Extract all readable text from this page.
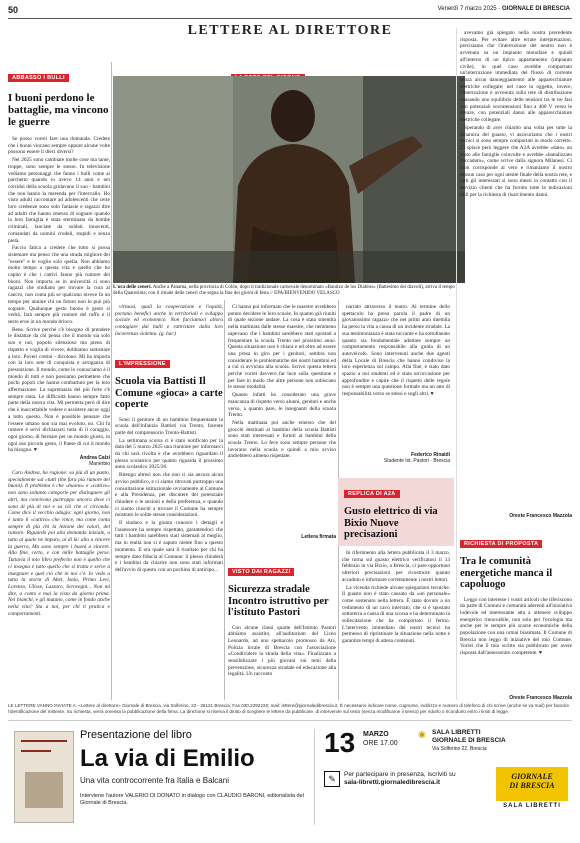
50	Venerdì 7 marzo 2025 · GIORNALE DI BRESCIA
LETTERE AL DIRETTORE
ABBASSO I BULLI
I buoni perdono le battaglie, ma vincono le guerre

Se posso vorrei fare una domanda. Credete che i buoni vincano sempre oppure alcune volte possono essere il dieci diversi?

Nel 2025 sono cambiate molte cose ma tante, troppe, sono sempre le stesse. In televisione vediamo personaggi che fanno i bulli come al parchetto quando io avevo 14 anni e nei corridoi della scuola gridavano il suo - bambini che non hanno la merenda per l'intervallo. Ho visto adulti raccontare ad adolescenti che certe loro credenze sono solo fantasie e ragazzi dire ad adulti che hanno smesso di sognare quando la loro famiglia è stata sterminata da bombe criminali, lanciate da soldati innocenti, comandati da uomini crudeli, stupidi e senza pietà.

Faccio fatica a credere che tutto si possa sistemare ma penso che una strada migliore dei "essere" e le voglio solo quella. Non abbiamo molto tempo a questa vita e quello che ho capito è che i cattivi fanno più rumore dei buoni. Non importa se in università ci sono ragazzi che studiano per trovare la cura al cancro, non conta più se qualcuno invece fa un tempo per aiutare chi un futuro non lo può più sognare. Qualunque gesto buono è gesto si vedrà, farà sempre più rumore del tuffo e il sesto eroe in un mondo brioco.

Bene. Scrive perché c'è bisogno di prendere le distanze da chi pensa che il mondo sia solo suo e noi, popolo silenzioso ma pieno di rispetto e voglia di vivere, dobbiamo sottostare a loro. Poveri cretini - dicolono. Mi ha importa con la loro sete di conquista e arroganza di presunzione. Il mondo, come lo conosciamo è il mondo di tutti e non possiamo permettere che pochi popoli che hanno combattuto per la loro affermazione. La supremazia del più forte c'è sempre stata. Le difficoltà hanno sempre fatto parte della nostra vita. Mi permetta però di dire che è inaccettabile vedere e assistere ancor oggi a tutto questo. Non è possibile pensare che l'essere umano non sia mai evoluto, no. Chi fa rumore è servi dichiararsi tutta di il coraggio, ogni giorno, di fermare per un mondo giusto, in ogni suo piccolo gesto, il Paese di cui il mondo ha bisogno. ♥

Andrea Calzi
Manerbio

Caro Andrea, ha ragione: su più di un punto, specialmente sul «tutti (the fara più rumore dei buoni). Il problema è che «buono» e «cattivo» non sono soltanto categorie per distinguere gli altri, ma convivono purtroppo ancora dove ci sono di più di noi e su ciò che ci circonda. Come dice il vecchio adagio: ogni giorno, non è tanto il «cattivo» che vince, ma come conta sempre di più chi la lezione dei valori, del rumore. Riguardo poi alla domanda iniziale, a tutto al quale ne imparo, al di là: alla a vincere la guerra, Ma sono sempre i buoni a vincere. Alla fine, certo, e con mille battaglie perse. Tuttavia il mio libro preferito non è quello che ci insegna è tutto quello che si tratta e serve a insegnare e quel ciò che in noi c'è. Io vedo a tutta la storia di Abel, Isaia, Primo Levi, Lorenzo, Ulisse, Lazzaro, Scrovegni... Non mi dite, a conto e mai la vista da giorno prima. Nei bianchi, e gli mutano, come in fondo anche nella vita? Sta a noi, per chi ti pratica e comportamenti.

L'ora delle ceneri. Anche a Panama, nella provincia di Colón, dopo il tradizionale carnevale denominato «Bautizo de los Diablos» (Battesimo dei diavoli), arriva il tempo della Quaresima, con il rituale delle ceneri che segna la fine dei giorni di festa // EPA/BIENVENIDO VELASCO

virtuosi, quali la cooperazione e l'equità, portano benefici anche in territoriali e sviluppo sociale ed economico. Non facciamoci allora contagiare dai bulli e rattristare dalla loro incoerenza violenta. (g. bar.)

L'IMPRESSIONE
Scuola via Battisti Il Comune «gioca» a carte coperte

Sono il genitore di un bambino frequentante la scuola dell'infanzia Battisti via Trento, facente parte del comprensorio Trento-Battisti.

La settimana scorsa ci è stato notificato per la data del 5 marzo 2025 una riunione per informarci da chi sarà rivolta e che avrebbero riguardato il plesso scolastico per quanto riguarda il prossimo anno scolastico 2025/26.

Ritengo altresì non che non ci sia ancora alcun avviso pubblico, e ci siamo ritrovati purtroppo una consultazione istituzionale ovviamente al Comune e alla Presidenza, per discutere del potenziale chiudere o le sezioni e della preferenza, e quando ci siamo riusciti a trovare il Comune ha sempre mostrato le solite stesse considerazioni.

Il sindaco e la giunta conosce i dettagli e l'assessore ha sempre rispettato, garantendoci che tutti i bambini sarebbero stati sistemati al meglio, ma in realtà non si è saputo niente fino a questo momento. E ora quale sarà il risultato per chi ha sempre dato fiducia al Comune: il plesso chiuderà e i bambini da chiarire non sono stati informati dell'avvio di questo con un pochino di anticipo...

Ci hanno poi informato che le maestre avrebbero potuto decidere le loro scuole. In quanto già riuniti di quale sezione andare. La cosa è stata smentita nella mattinata dalle stesse maestre, che nemmeno sapevano che i bambini sarebbero stati spostati a frequentare la scuola Trento nel prossimo anno. Questa situazione non è chiara e ed oltre ad essere una presa in giro per i genitori, sembra non considerare le problematiche dei nostri bambini ed a cui si avvicina alla scuola. Scrivo questa lettera perché vorrei davvero far luce sulla questione e per fare in modo che altre persone non subiscano le stesse modalità.

Quanto infatti ho considerato una grave mancanza di rispetto verso alunni, genitori e anche verso, a quanto pare, le insegnanti della scuola Trento.

Nella mattinata poi anche emerso che del giocchi destinati ai bambini della scuola Battisti sono stati interessati e forniti ai bambini della scuola Trento. Lo fece sono sempre persone che lavorano nella scuola e quindi a mio avviso andrebbero almeno rispettate.

Lettera firmata
VISTO DAI RAGAZZI
Sicurezza stradale Incontro istruttivo per l'istituto Pastori

Con alcune classi quarte dell'Istituto Pastori abbiamo assistito, all'auditorium del Liceo Leonardo, ad uno spettacolo promosso da Ats, Polizia locale di Brescia con l'associazione «Condividere la strada della vita». Finalizzato a sensibilizzare i più giovani sui temi della prevenzione, sicurezza stradale ed educazione alla legalità. Un racconto

narrato attraverso il teatro. Al termine dello spettacolo ha preso parola il padre di un giovanissimo ragazzo che nei primi anni duemila ha perso la vita a causa di un incidente stradale. La sua testimonianza è stata toccante e ha sottolineato quanto sia fondamentale adottare sempre un comportamento responsabile alla guida di un autoveicolo. Sono intervenuti anche due agenti della Locale di Brescia che hanno condiviso la loro esperienza sul campo. Alla fine, è stato dato spazio a noi studenti ed è stata un'occasione per approfondire e capire che il rispetto delle regole non è sempre una questione formale ma un atto di responsabilità verso se stessi e sugli altri. ♥

Federico Rinaldi
Studente Ist. Pastori · Brescia
REPLICA DI A2A
Gusto elettrico di via Bixio Nuove precisazioni

In riferimento alla lettera pubblicata il 3 marzo, che torna sul guasto elettrico verificatosi il 13 febbraio in via Bixio, a Brescia, ci pare opportuno ulteriori precisazioni per ricostruire quanto accaduto e informare correttamente i nostri lettori.

La vicenda richiede alcune spiegazioni tecniche. Il guasto non è stato causato da «un personale» come sostenuto nella lettera. È stato dovuto a un cedimento di un cavo interrato, che si è spostato sottoterra a causa di una scossa e ha determinato la sollecitazione che ha comportato il fermo. L'intervento immediato dei nostri tecnici ha permesso di ripristinare la situazione nella notte e garantire tempi di attesa contenuti.

avevamo già spiegato nella nostra precedente risposta. Per evitare altre errate interpretazioni, precisiamo che l'interruzione del neutro non è avvenuta su un impianto monofase e quindi all'interno di un tipico appartamento (impianto civile), in quel caso avrebbe comportato un'interruzione immediata del flusso di corrente senza alcun danneggiamento alle apparecchiature elettriche collegate; nel caso in oggetto, invece, l'interruzione è avvenuta sulla rete di distribuzione causando uno squilibrio delle tensioni tra le tre fasi con potenziali sovratensioni fino a 400 V verso le utenze, con potenziali danni alle apparecchiature elettriche collegate.

Sperando di aver chiarito una volta per tutte la dinamica del guasto, vi assicuriamo che i nostri tecnici si sono sempre comportati in modo corretto. Ci spiace però leggere che A2A avrebbe «dato» un aiuto alle famiglie coinvolte e avrebbe «banalizzato l'accaduto», come scrive dalla signora Milanesi. Ci mon corrisponde al vero e rimaniamo il nostro nessun caso per ogni utente finale della nostra rete, e tutti gli interessati si sono messi in contatto con il servizio clienti che ha fornito tutte le indicazioni utili per la richiesta di risarcimento danni.

Oreste Francesco Mazzola
RICHIESTA DI PROPOSTA
Tra le comunità energetiche manca il capoluogo

Leggo con interesse i vostri articoli che riferiscono da parte di Comuni e comunità aderenti all'iniziativa lodevole ed interessante atta a ottenere sviluppo energetico rinnovabile, non solo per l'ecologia ma anche per le sempre più scarse economiche della popolazione con una ormai biasimata. Il Comune di Brescia non leggo di iniziative del mio Comune. Vorrei che il mio scritto sia pubblicato per avere risposta dall'assessorato competente. ♥

Oreste Francesco Mazzola
LE LETTERE VANNO INVIATE A: «Lettere al direttore» Giornale di Brescia, via Solferino, 22 - 25121 Brescia; Fax 030.2292226; mail: lettere@giornaledibrescia.it. È necessario indicare nome, cognome, indirizzo e numero di telefono di chi scrive (anche se va mail) per favorire l'identificazione del mittente. Su richiesta, verrà omessa la pubblicazione della firma. La direzione si riserva il diritto di scegliere le lettere da pubblicare, di intervenire sul testo (senza modificarne il senso) per ridurlo o ricondurlo entro i limiti di legge.
Presentazione del libro
La via di Emilio
Una vita controcorrente fra Italia e Balcani
Interviene l'autore VALERIO DI DONATO in dialogo con CLAUDIO BARONI, editorialista del Giornale di Brescia.
13 MARZO
ORE 17.00
◉ SALA LIBRETTI
GIORNALE DI BRESCIA
Via Solferino 22, Brescia
✎	Per partecipare in presenza, iscriviti su
sala-libretti.giornaledibrescia.it
GIORNALE
DI BRESCIA
SALA LIBRETTI
